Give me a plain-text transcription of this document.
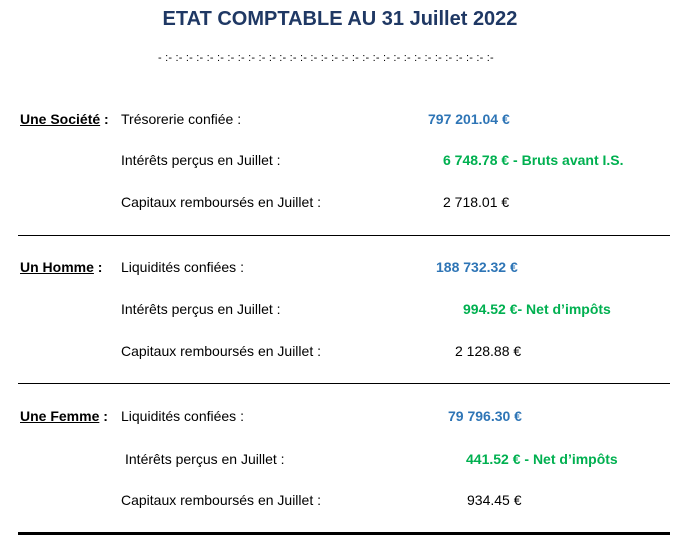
ETAT COMPTABLE AU 31 Juillet 2022
- :- :- :- :- :- :- :- :- :- :- :- :- :- :- :- :- :- :- :- :- :- :- :- :- :- :- :- :- :- :- :- :-
Une Société : Trésorerie confiée :	797 201.04 €
Intérêts perçus en Juillet :	6 748.78 € - Bruts avant I.S.
Capitaux remboursés en Juillet :	2 718.01 €
Un Homme : Liquidités confiées :	188 732.32 €
Intérêts perçus en Juillet :	994.52 €- Net d’impôts
Capitaux remboursés en Juillet :	2 128.88 €
Une Femme : Liquidités confiées :	79 796.30 €
Intérêts perçus en Juillet :	441.52 € - Net d’impôts
Capitaux remboursés en Juillet :	934.45 €
